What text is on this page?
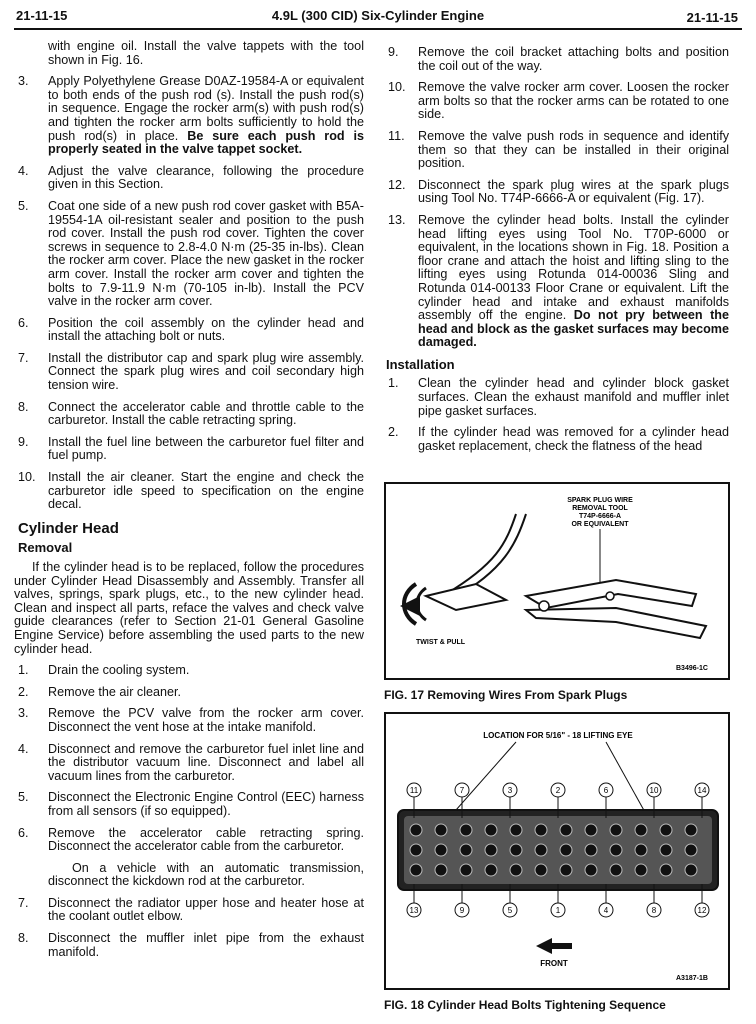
21-11-15	4.9L (300 CID) Six-Cylinder Engine	21-11-15
with engine oil. Install the valve tappets with the tool shown in Fig. 16.
3. Apply Polyethylene Grease D0AZ-19584-A or equivalent to both ends of the push rod (s). Install the push rod(s) in sequence. Engage the rocker arm(s) with push rod(s) and tighten the rocker arm bolts sufficiently to hold the push rod(s) in place. Be sure each push rod is properly seated in the valve tappet socket.
4. Adjust the valve clearance, following the procedure given in this Section.
5. Coat one side of a new push rod cover gasket with B5A-19554-1A oil-resistant sealer and position to the push rod cover. Install the push rod cover. Tighten the cover screws in sequence to 2.8-4.0 N·m (25-35 in-lbs). Clean the rocker arm cover. Place the new gasket in the rocker arm cover. Install the rocker arm cover and tighten the bolts to 7.9-11.9 N·m (70-105 in-lb). Install the PCV valve in the rocker arm cover.
6. Position the coil assembly on the cylinder head and install the attaching bolt or nuts.
7. Install the distributor cap and spark plug wire assembly. Connect the spark plug wires and coil secondary high tension wire.
8. Connect the accelerator cable and throttle cable to the carburetor. Install the cable retracting spring.
9. Install the fuel line between the carburetor fuel filter and fuel pump.
10. Install the air cleaner. Start the engine and check the carburetor idle speed to specification on the engine decal.
Cylinder Head
Removal
If the cylinder head is to be replaced, follow the procedures under Cylinder Head Disassembly and Assembly. Transfer all valves, springs, spark plugs, etc., to the new cylinder head. Clean and inspect all parts, reface the valves and check valve guide clearances (refer to Section 21-01 General Gasoline Engine Service) before assembling the used parts to the new cylinder head.
1. Drain the cooling system.
2. Remove the air cleaner.
3. Remove the PCV valve from the rocker arm cover. Disconnect the vent hose at the intake manifold.
4. Disconnect and remove the carburetor fuel inlet line and the distributor vacuum line. Disconnect and label all vacuum lines from the carburetor.
5. Disconnect the Electronic Engine Control (EEC) harness from all sensors (if so equipped).
6. Remove the accelerator cable retracting spring. Disconnect the accelerator cable from the carburetor.
On a vehicle with an automatic transmission, disconnect the kickdown rod at the carburetor.
7. Disconnect the radiator upper hose and heater hose at the coolant outlet elbow.
8. Disconnect the muffler inlet pipe from the exhaust manifold.
9. Remove the coil bracket attaching bolts and position the coil out of the way.
10. Remove the valve rocker arm cover. Loosen the rocker arm bolts so that the rocker arms can be rotated to one side.
11. Remove the valve push rods in sequence and identify them so that they can be installed in their original position.
12. Disconnect the spark plug wires at the spark plugs using Tool No. T74P-6666-A or equivalent (Fig. 17).
13. Remove the cylinder head bolts. Install the cylinder head lifting eyes using Tool No. T70P-6000 or equivalent, in the locations shown in Fig. 18. Position a floor crane and attach the hoist and lifting sling to the lifting eyes using Rotunda 014-00036 Sling and Rotunda 014-00133 Floor Crane or equivalent. Lift the cylinder head and intake and exhaust manifolds assembly off the engine. Do not pry between the head and block as the gasket surfaces may become damaged.
Installation
1. Clean the cylinder head and cylinder block gasket surfaces. Clean the exhaust manifold and muffler inlet pipe gasket surfaces.
2. If the cylinder head was removed for a cylinder head gasket replacement, check the flatness of the head
SPARK PLUG WIRE
REMOVAL TOOL
T74P-6666-A
OR EQUIVALENT
TWIST & PULL
B3496-1C
FIG. 17 Removing Wires From Spark Plugs
LOCATION FOR 5/16" - 18 LIFTING EYE
11	7	3	2	6	10	14
13	9	5	1	4	8	12
FRONT
A3187-1B
FIG. 18 Cylinder Head Bolts Tightening Sequence
